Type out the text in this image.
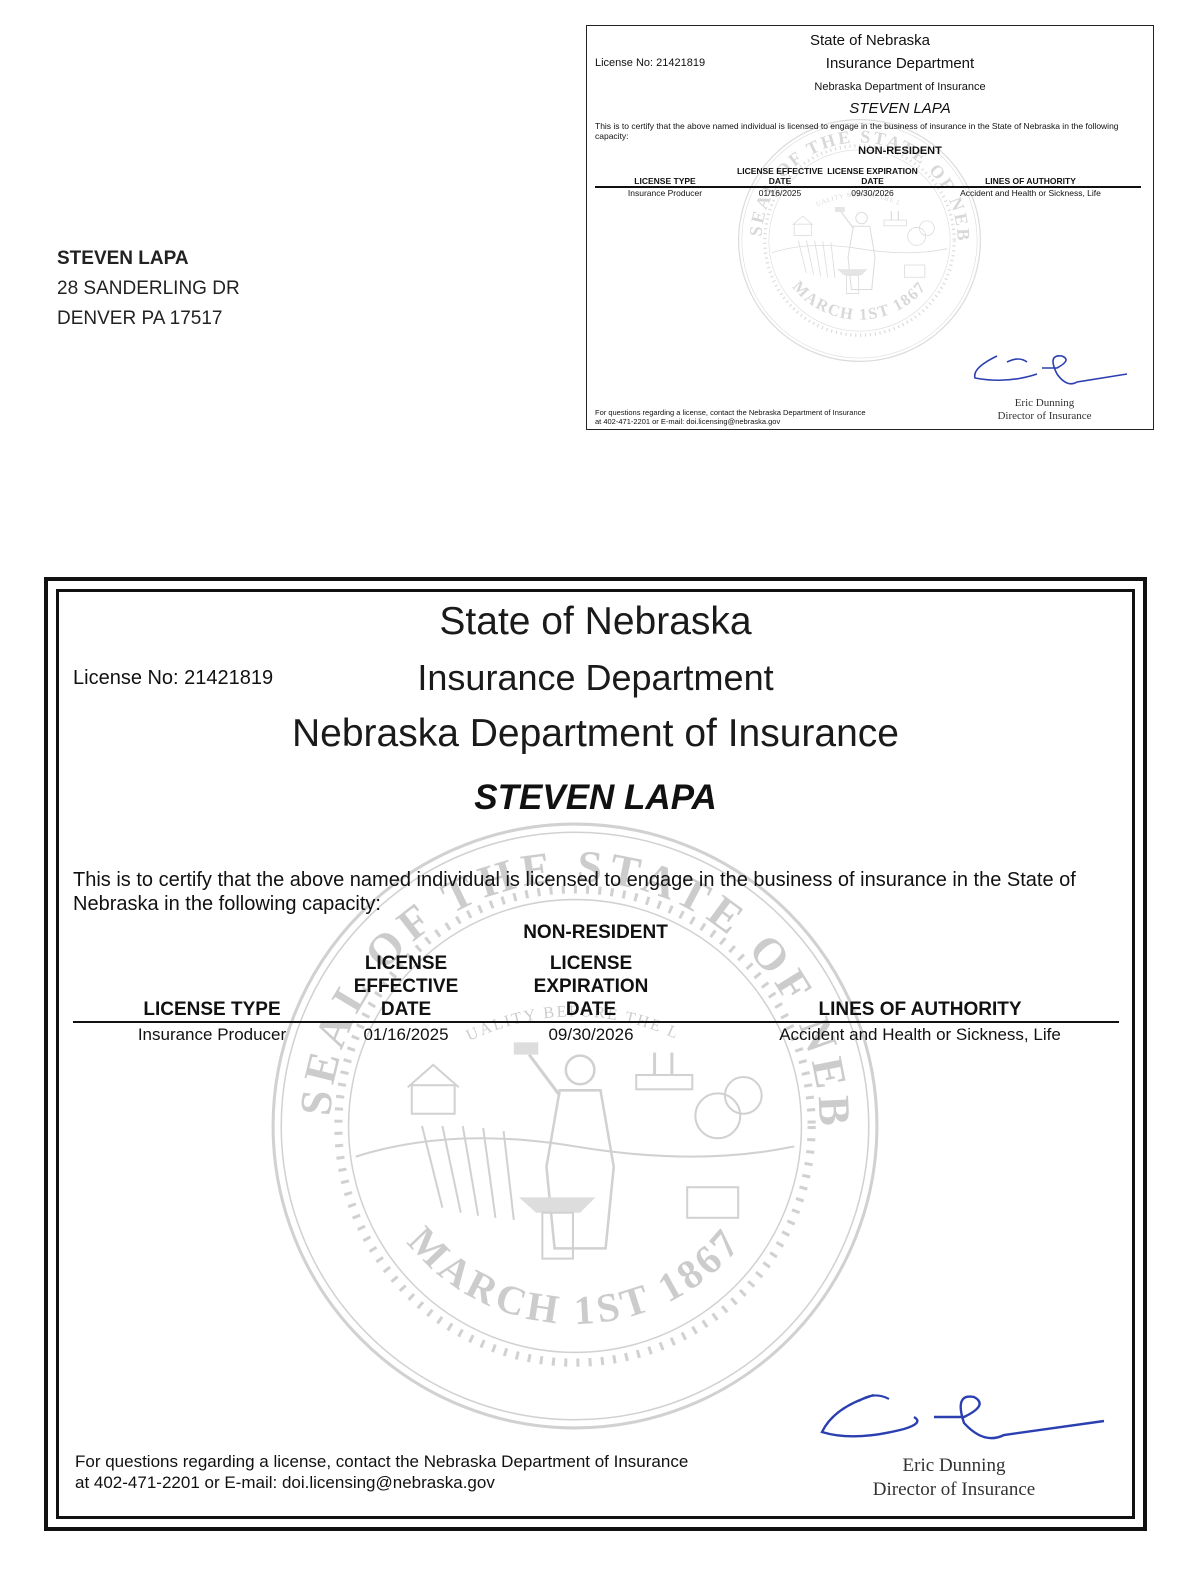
STEVEN LAPA
28 SANDERLING DR
DENVER PA 17517
State of Nebraska
License No: 21421819	Insurance Department
Nebraska Department of Insurance
STEVEN LAPA
This is to certify that the above named individual is licensed to engage in the business of insurance in the State of Nebraska in the following capacity:
NON-RESIDENT
LICENSE TYPE	LICENSE EFFECTIVE DATE	LICENSE EXPIRATION DATE	LINES OF AUTHORITY
Insurance Producer	01/16/2025	09/30/2026	Accident and Health or Sickness, Life
For questions regarding a license, contact the Nebraska Department of Insurance
at 402-471-2201 or E-mail: doi.licensing@nebraska.gov
Eric Dunning
Director of Insurance
State of Nebraska
License No: 21421819	Insurance Department
Nebraska Department of Insurance
STEVEN LAPA
This is to certify that the above named individual is licensed to engage in the business of insurance in the State of Nebraska in the following capacity:
NON-RESIDENT
LICENSE TYPE	LICENSE EFFECTIVE DATE	LICENSE EXPIRATION DATE	LINES OF AUTHORITY
Insurance Producer	01/16/2025	09/30/2026	Accident and Health or Sickness, Life
For questions regarding a license, contact the Nebraska Department of Insurance
at 402-471-2201 or E-mail: doi.licensing@nebraska.gov
Eric Dunning
Director of Insurance
